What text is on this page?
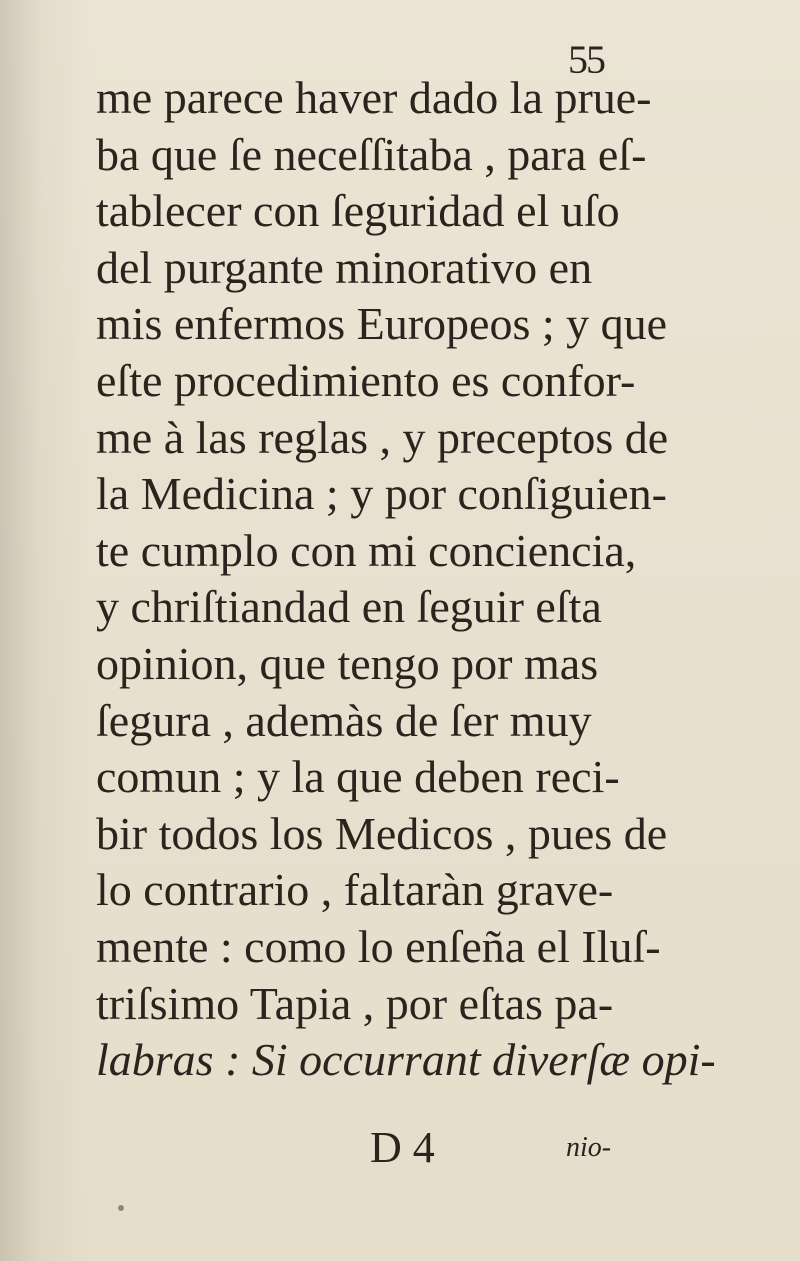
55
me parece haver dado la prue-
ba que ſe neceſſitaba , para eſ-
tablecer con ſeguridad el uſo
del purgante minorativo en
mis enfermos Europeos ; y que
eſte procedimiento es confor-
me à las reglas , y preceptos de
la Medicina ; y por conſiguien-
te cumplo con mi conciencia,
y chriſtiandad en ſeguir eſta
opinion, que tengo por mas
ſegura , ademàs de ſer muy
comun ; y la que deben reci-
bir todos los Medicos , pues de
lo contrario , faltaràn grave-
mente : como lo enſeña el Iluſ-
triſsimo Tapia , por eſtas pa-
labras : Si occurrant diverſæ opi-
D 4	nio-
